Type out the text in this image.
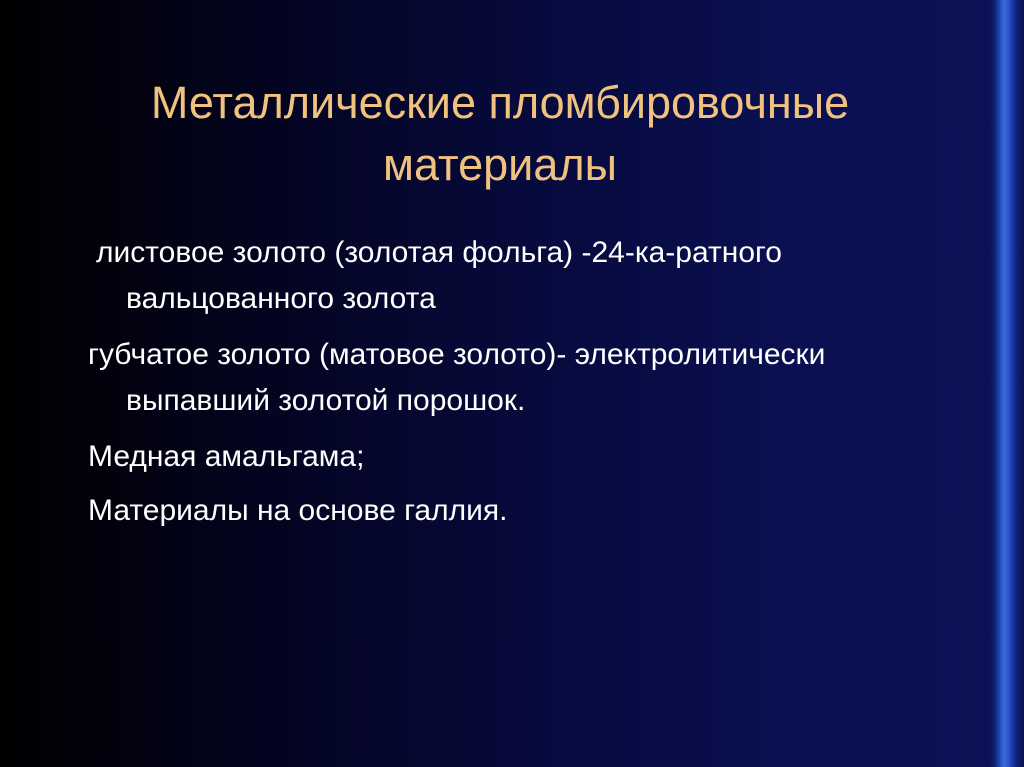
Металлические пломбировочные материалы
листовое золото (золотая фольга) -24-ка-ратного вальцованного золота
губчатое золото (матовое золото)- электролитически выпавший золотой порошок.
Медная амальгама;
Материалы на основе галлия.
